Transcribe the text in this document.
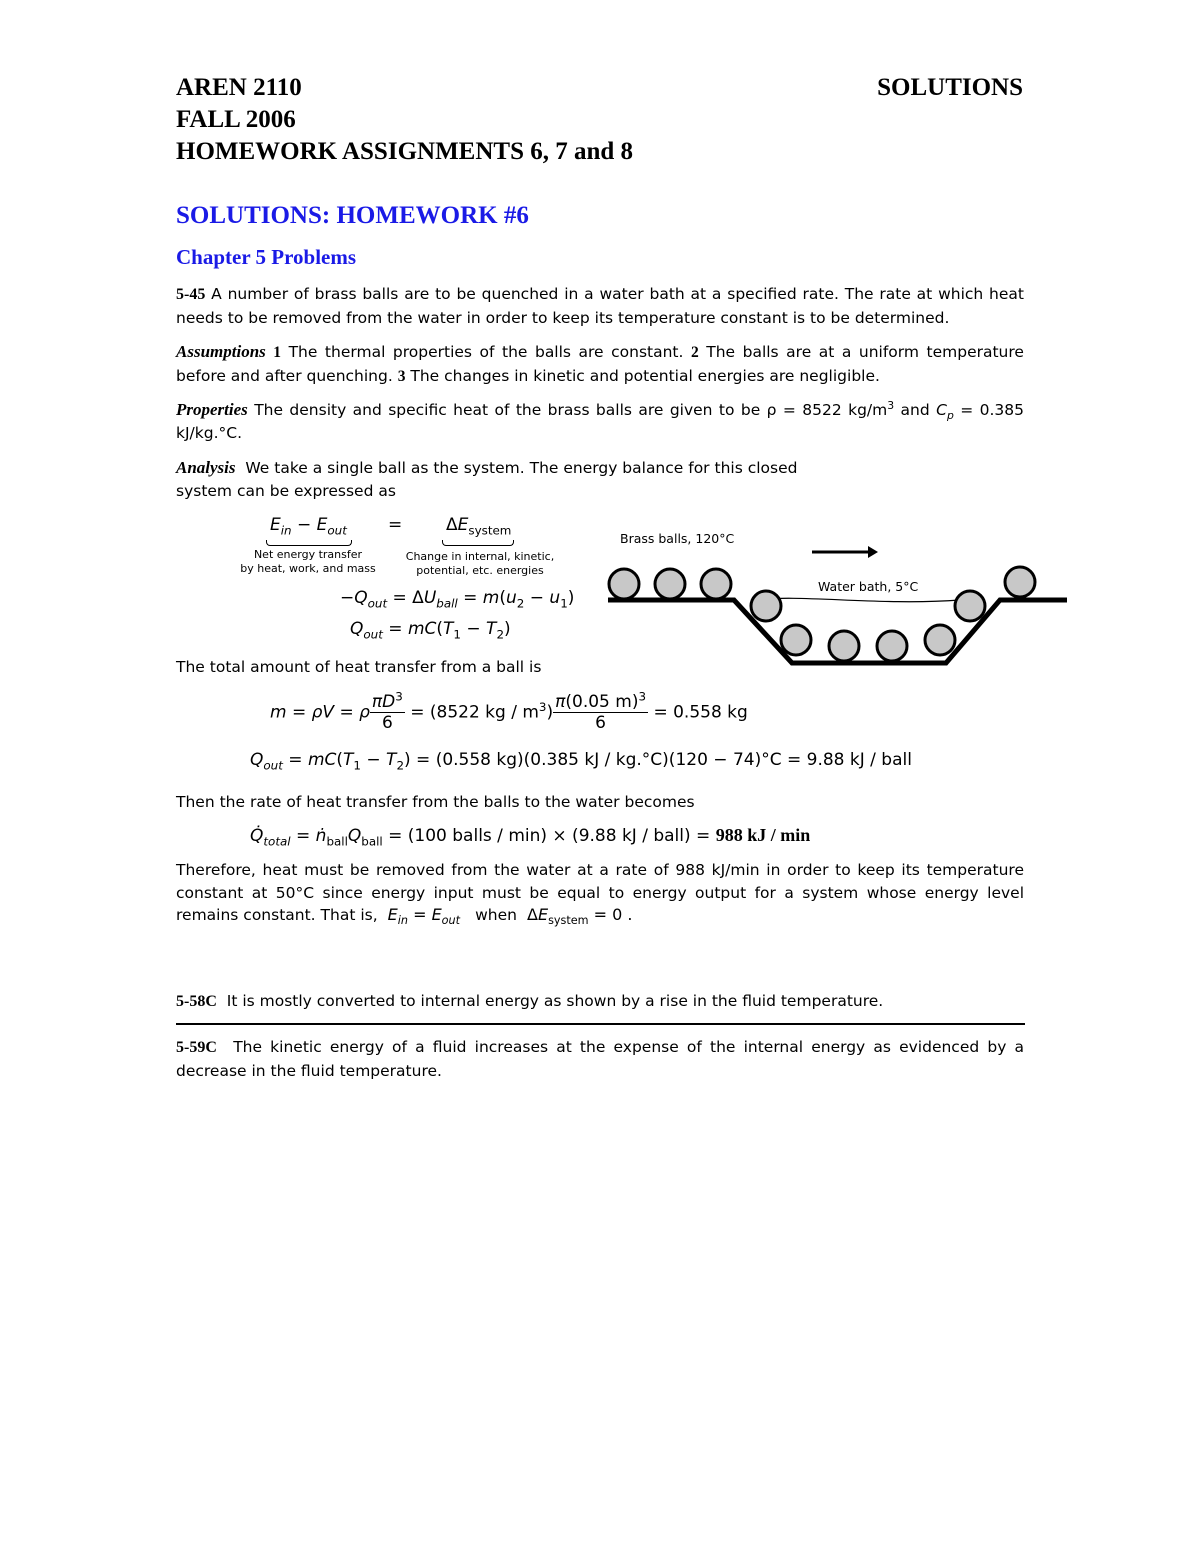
AREN 2110	SOLUTIONS
FALL 2006
HOMEWORK ASSIGNMENTS 6, 7 and 8
SOLUTIONS: HOMEWORK #6
Chapter 5 Problems
5-45 A number of brass balls are to be quenched in a water bath at a specified rate. The rate at which heat needs to be removed from the water in order to keep its temperature constant is to be determined.
Assumptions 1 The thermal properties of the balls are constant. 2 The balls are at a uniform temperature before and after quenching. 3 The changes in kinetic and potential energies are negligible.
Properties The density and specific heat of the brass balls are given to be ρ = 8522 $kg/m^3$ and $C_p = 0.385$ kJ/kg.°C.
Analysis We take a single ball as the system. The energy balance for this closed
system can be expressed as
$E_{in} - E_{out}$ =	$\Delta E_{system}$
Net energy transfer
by heat, work, and mass
Change in internal, kinetic,
potential, etc. energies
$-Q_{out} = \Delta U_{ball} = m(u_2 - u_1)$
$Q_{out} = mC(T_1 - T_2)$
Brass balls, 120°C
Water bath, 5°C
The total amount of heat transfer from a ball is
m = ρV = ρ $\frac{\pi D^3}{6} = (8522$ kg / $m^3) \frac{\pi(0.05 m)^3}{6} = 0.558$ kg
$Q_{out} = mC(T_1 - T_2) = (0.558$ kg)(0.385 kJ / kg.°C)(120 − 74)°C = 9.88 kJ / ball
Then the rate of heat transfer from the balls to the water becomes
$Q̇_{total}$ = $ṅ_{ball}Q_{ball} = (100$ balls / min) × (9.88 kJ / ball) = 988 kJ / min
Therefore, heat must be removed from the water at a rate of 988 kJ/min in order to keep its temperature constant at 50°C since energy input must be equal to energy output for a system whose energy level remains constant. That is, $E_{in} = E_{out}$ when  $\Delta E_{system} = 0$ .
5-58C It is mostly converted to internal energy as shown by a rise in the fluid temperature.
5-59C The kinetic energy of a fluid increases at the expense of the internal energy as evidenced by a decrease in the fluid temperature.
